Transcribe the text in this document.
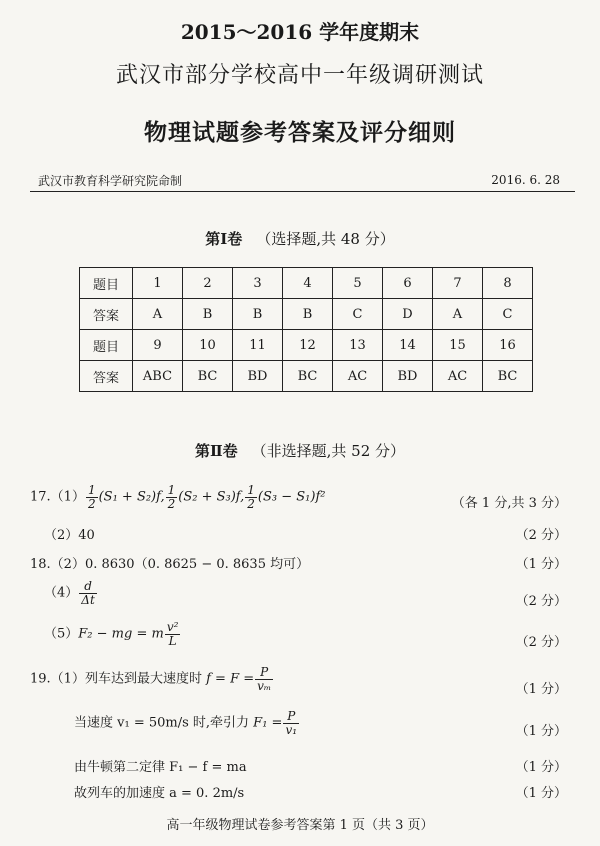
2015～2016 学年度期末
武汉市部分学校高中一年级调研测试
物理试题参考答案及评分细则
武汉市教育科学研究院命制	2016. 6. 28
第Ⅰ卷 （选择题,共 48 分）
题目	1	2	3	4	5	6	7	8
答案	A	B	B	B	C	D	A	C
题目	9	10	11	12	13	14	15	16
答案	ABC	BC	BD	BC	AC	BD	AC	BC
第Ⅱ卷 （非选择题,共 52 分）
$17.(1) \frac{1}{2} (S_1 + S_2)f$, $\frac{1}{2} (S_2 + S_3)f$, $\frac{1}{2} (S_3 - S_1)f^2$	（各 1 分,共 3 分）
（2）40	（2 分）
18.（2）0. 8630（0. 8625 − 0. 8635 均可）	（1 分）
$(4) \frac{d}{\Delta t}$	（2 分）
（5）F₂ − mg = m $\frac{\text{v²}}{L}$	（2 分）
19.（1）列车达到最大速度时 $f = F = \frac{P}{\text{vₘ}}$	（1 分）
当速度 v₁ = 50m/s 时,牵引力 $F_1 = \frac{P}{\text{v₁}}$	（1 分）
由牛顿第二定律 F₁ − f = ma	（1 分）
故列车的加速度 a = 0. 2m/s	（1 分）
高一年级物理试卷参考答案第 1 页（共 3 页）
